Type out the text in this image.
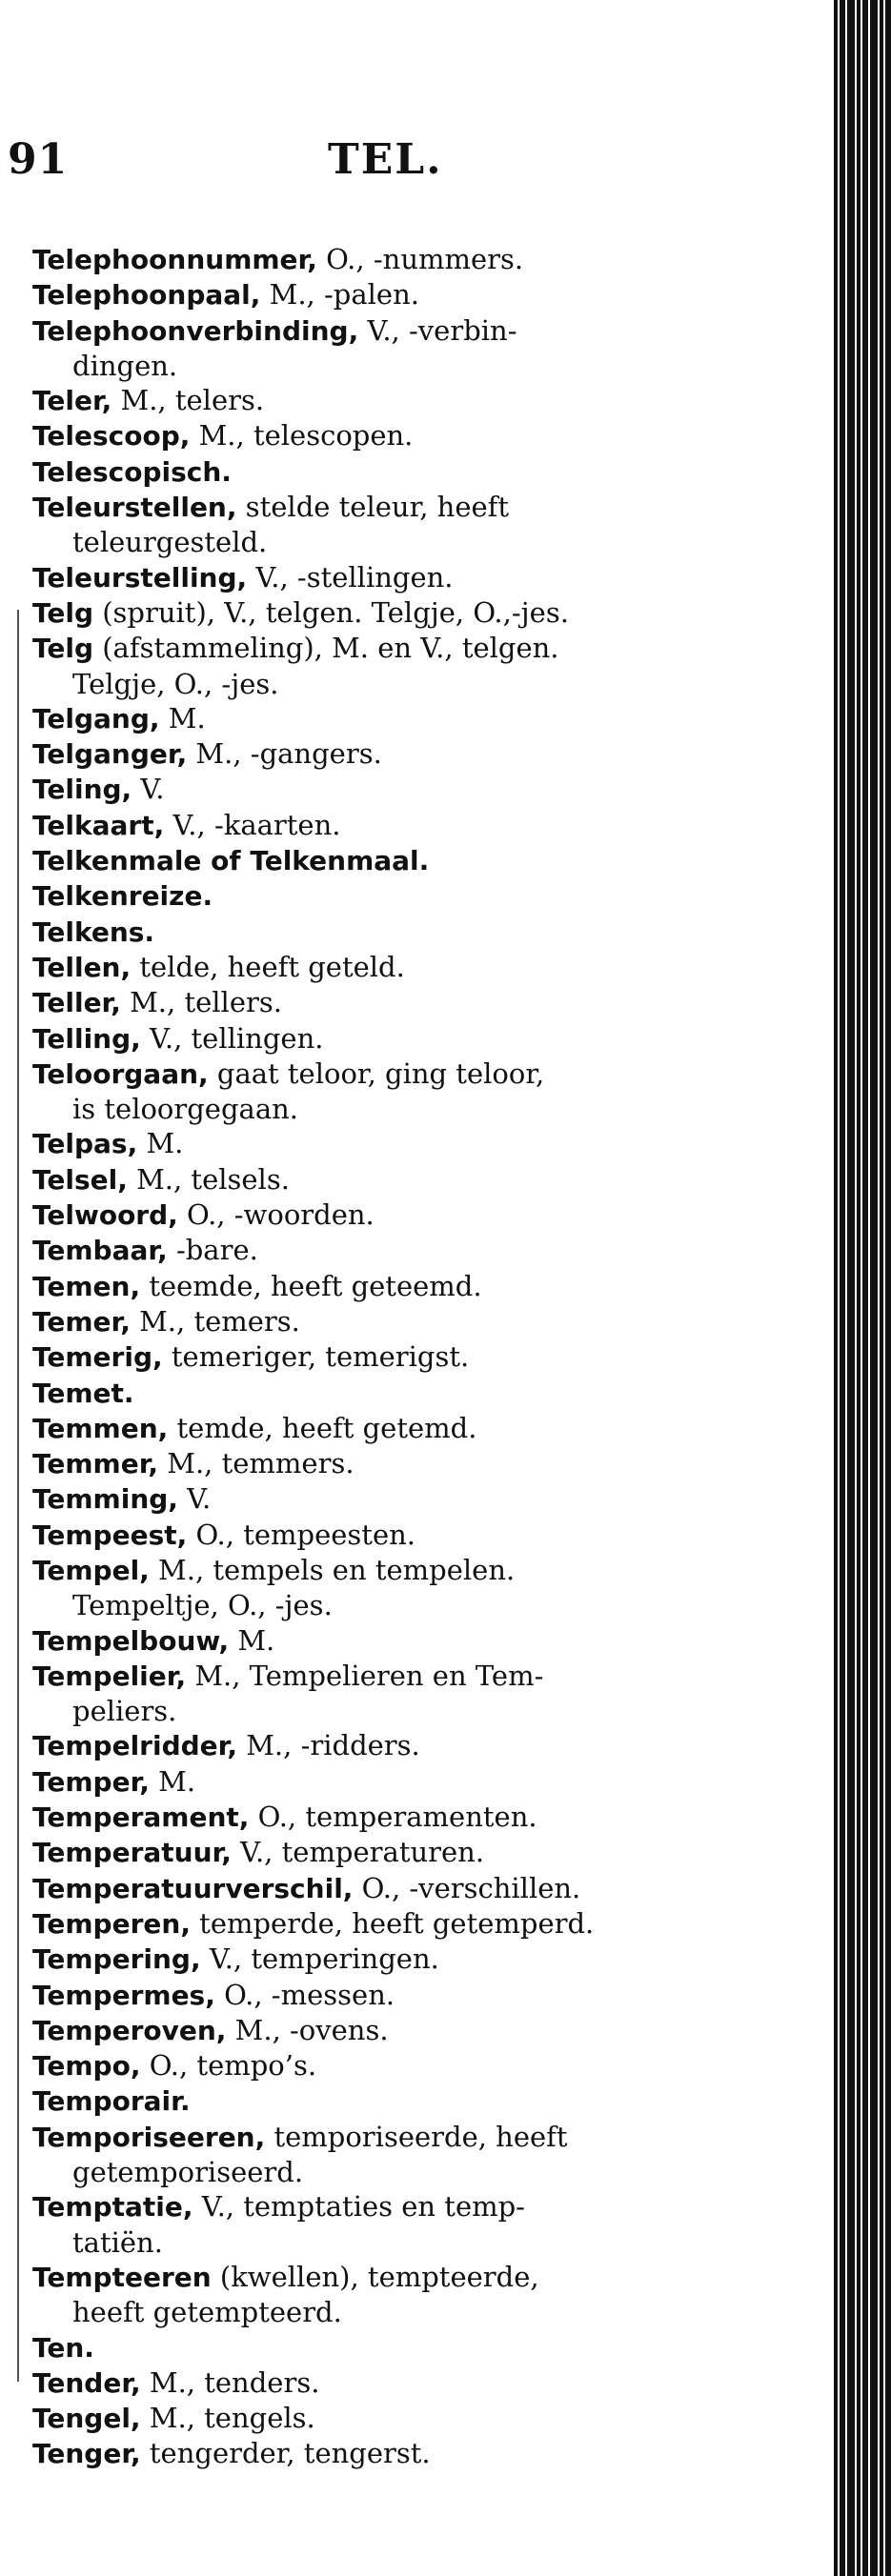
91	TEL.
Telephoonnummer, O., -nummers.
Telephoonpaal, M., -palen.
Telephoonverbinding, V., -verbin-
dingen.
Teler, M., telers.
Telescoop, M., telescopen.
Telescopisch.
Teleurstellen, stelde teleur, heeft
teleurgesteld.
Teleurstelling, V., -stellingen.
Telg (spruit), V., telgen. Telgje, O.,-jes.
Telg (afstammeling), M. en V., telgen.
Telgje, O., -jes.
Telgang, M.
Telganger, M., -gangers.
Teling, V.
Telkaart, V., -kaarten.
Telkenmale of Telkenmaal.
Telkenreize.
Telkens.
Tellen, telde, heeft geteld.
Teller, M., tellers.
Telling, V., tellingen.
Teloorgaan, gaat teloor, ging teloor,
is teloorgegaan.
Telpas, M.
Telsel, M., telsels.
Telwoord, O., -woorden.
Tembaar, -bare.
Temen, teemde, heeft geteemd.
Temer, M., temers.
Temerig, temeriger, temerigst.
Temet.
Temmen, temde, heeft getemd.
Temmer, M., temmers.
Temming, V.
Tempeest, O., tempeesten.
Tempel, M., tempels en tempelen.
Tempeltje, O., -jes.
Tempelbouw, M.
Tempelier, M., Tempelieren en Tem-
peliers.
Tempelridder, M., -ridders.
Temper, M.
Temperament, O., temperamenten.
Temperatuur, V., temperaturen.
Temperatuurverschil, O., -verschillen.
Temperen, temperde, heeft getemperd.
Tempering, V., temperingen.
Tempermes, O., -messen.
Temperoven, M., -ovens.
Tempo, O., tempo’s.
Temporair.
Temporiseeren, temporiseerde, heeft
getemporiseerd.
Temptatie, V., temptaties en temp-
tatiën.
Tempteeren (kwellen), tempteerde,
heeft getempteerd.
Ten.
Tender, M., tenders.
Tengel, M., tengels.
Tenger, tengerder, tengerst.
